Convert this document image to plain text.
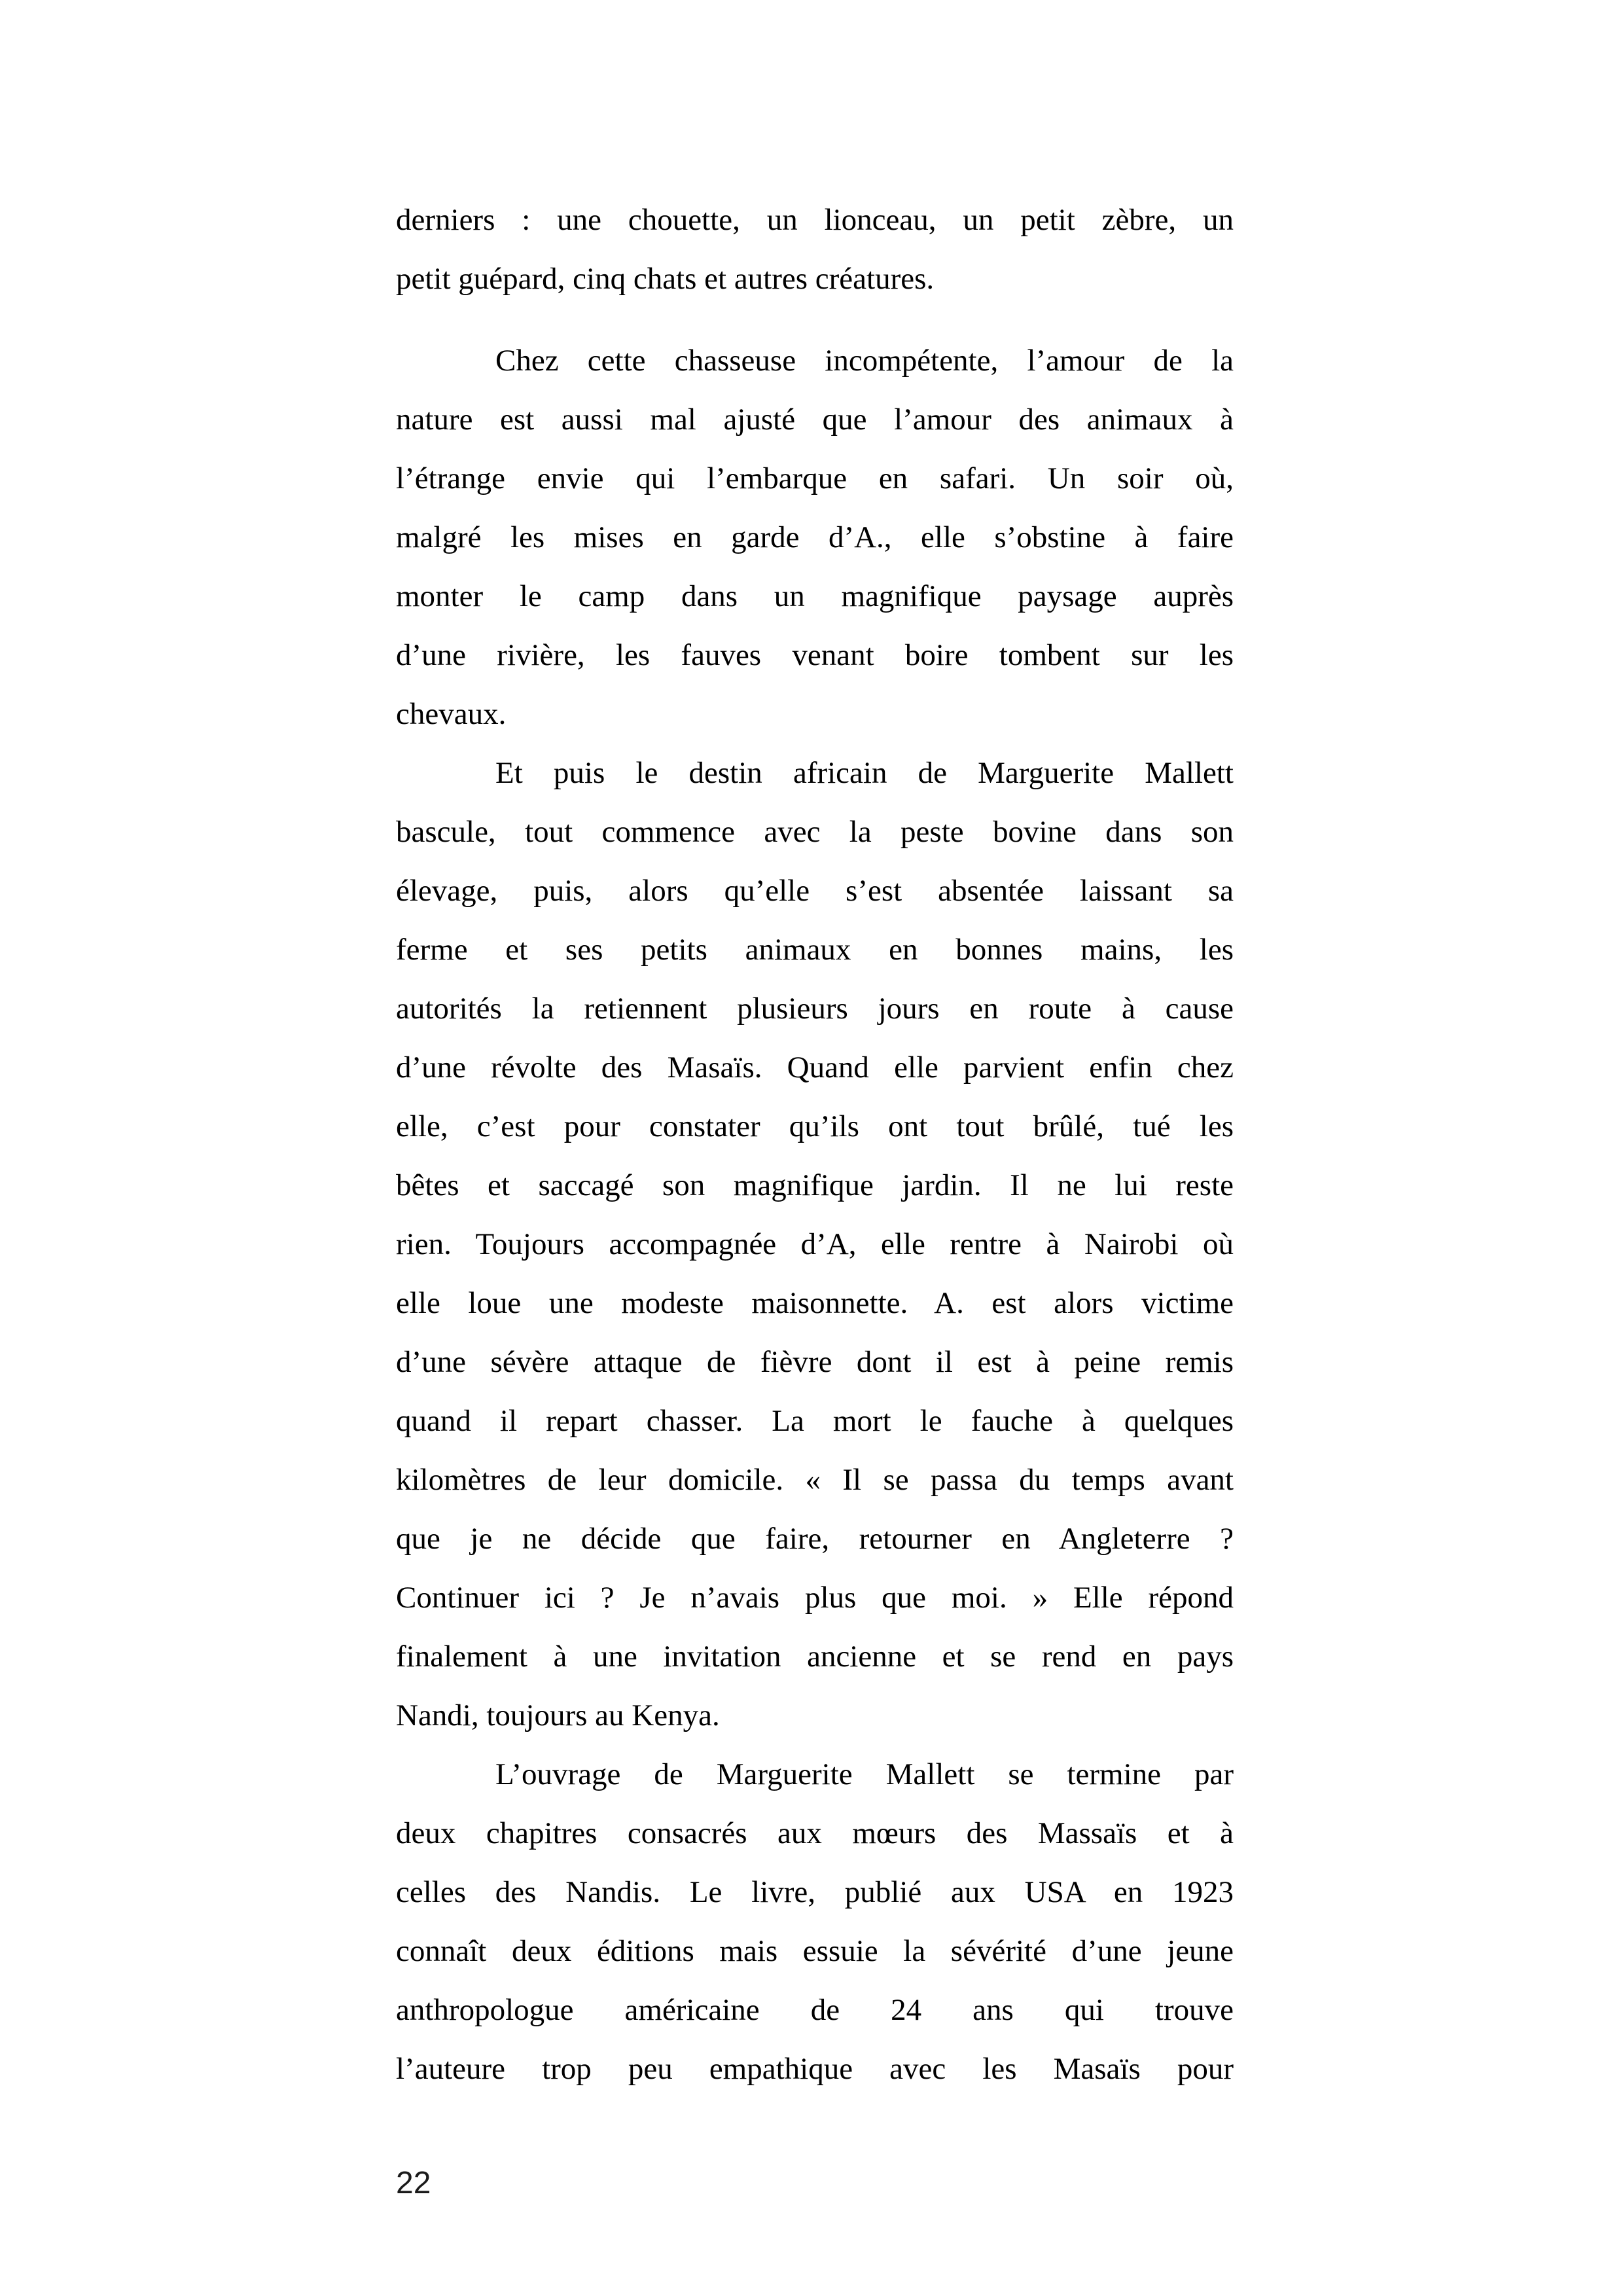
derniers : une chouette, un lionceau, un petit zèbre, un
petit guépard, cinq chats et autres créatures.
Chez cette chasseuse incompétente, l’amour de la
nature est aussi mal ajusté que l’amour des animaux à
l’étrange envie qui l’embarque en safari. Un soir où,
malgré les mises en garde d’A., elle s’obstine à faire
monter le camp dans un magnifique paysage auprès
d’une rivière, les fauves venant boire tombent sur les
chevaux.
Et puis le destin africain de Marguerite Mallett
bascule, tout commence avec la peste bovine dans son
élevage, puis, alors qu’elle s’est absentée laissant sa
ferme et ses petits animaux en bonnes mains, les
autorités la retiennent plusieurs jours en route à cause
d’une révolte des Masaïs. Quand elle parvient enfin chez
elle, c’est pour constater qu’ils ont tout brûlé, tué les
bêtes et saccagé son magnifique jardin. Il ne lui reste
rien. Toujours accompagnée d’A, elle rentre à Nairobi où
elle loue une modeste maisonnette. A. est alors victime
d’une sévère attaque de fièvre dont il est à peine remis
quand il repart chasser. La mort le fauche à quelques
kilomètres de leur domicile. « Il se passa du temps avant
que je ne décide que faire, retourner en Angleterre ?
Continuer ici ? Je n’avais plus que moi. » Elle répond
finalement à une invitation ancienne et se rend en pays
Nandi, toujours au Kenya.
L’ouvrage de Marguerite Mallett se termine par
deux chapitres consacrés aux mœurs des Massaïs et à
celles des Nandis. Le livre, publié aux USA en 1923
connaît deux éditions mais essuie la sévérité d’une jeune
anthropologue américaine de 24 ans qui trouve
l’auteure trop peu empathique avec les Masaïs pour
22
